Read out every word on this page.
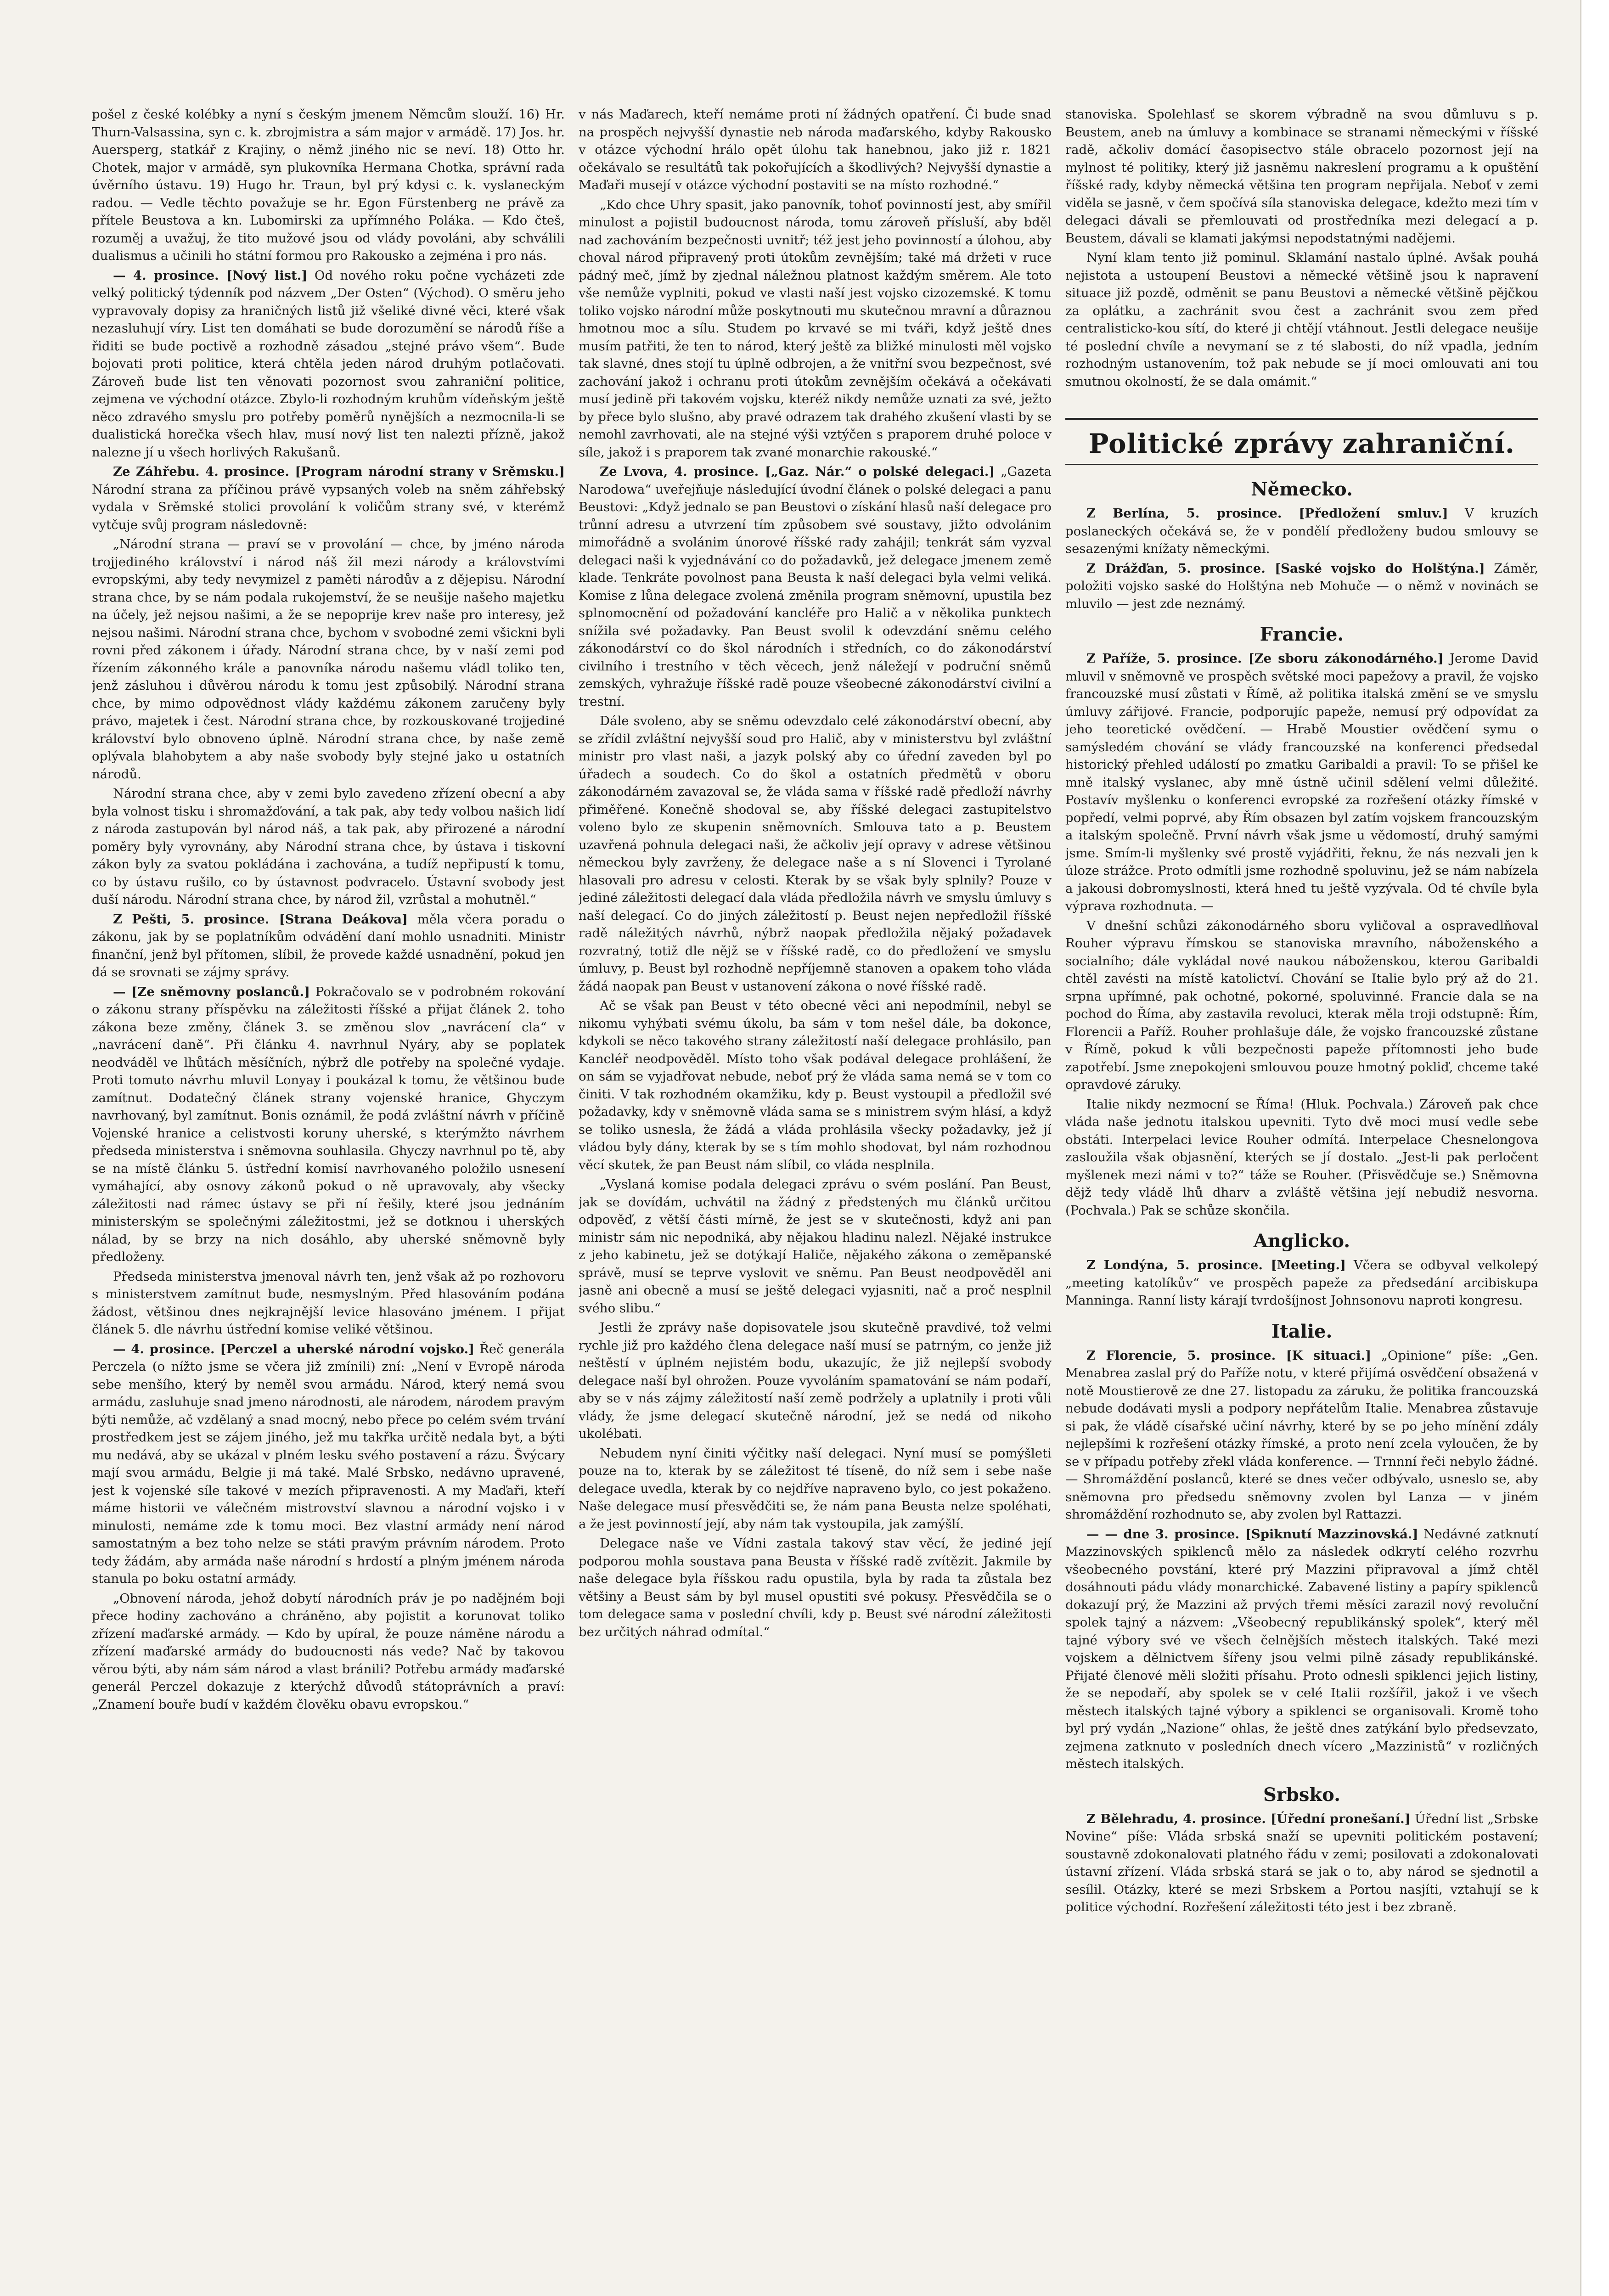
pošel z české kolébky a nyní s českým jmenem Němcům slouží. 16) Hr. Thurn-Valsassina, syn c. k. zbrojmistra a sám major v armádě. 17) Jos. hr. Auersperg, statkář z Krajiny, o němž jiného nic se neví. 18) Otto hr. Chotek, major v armádě, syn plukovníka Hermana Chotka, správní rada úvěrního ústavu. 19) Hugo hr. Traun, byl prý kdysi c. k. vyslaneckým radou. — Vedle těchto považuje se hr. Egon Fürstenberg ne právě za přítele Beustova a kn. Lubomirski za upřímného Poláka. — Kdo čteš, rozuměj a uvažuj, že tito mužové jsou od vlády povoláni, aby schválili dualismus a učinili ho státní formou pro Rakousko a zejména i pro nás.

— 4. prosince. [Nový list.] Od nového roku počne vycházeti zde velký politický týdenník pod názvem „Der Osten“ (Východ). O směru jeho vypravovaly dopisy za hraničných listů již všeliké divné věci, které však nezasluhují víry. List ten domáhati se bude dorozumění se národů říše a řiditi se bude poctivě a rozhodně zásadou „stejné právo všem“. Bude bojovati proti politice, která chtěla jeden národ druhým potlačovati. Zároveň bude list ten věnovati pozornost svou zahraniční politice, zejmena ve východní otázce. Zbylo-li rozhodným kruhům vídeňským ještě něco zdravého smyslu pro potřeby poměrů nynějších a nezmocnila-li se dualistická horečka všech hlav, musí nový list ten nalezti přízně, jakož nalezne jí u všech horlivých Rakušanů.

Ze Záhřebu. 4. prosince. [Program národní strany v Srěmsku.] Národní strana za příčinou právě vypsaných voleb na sněm záhřebský vydala v Srěmské stolici provolání k voličům strany své, v kterémž vytčuje svůj program následovně:

„Národní strana — praví se v provolání — chce, by jméno národa trojjediného království i národ náš žil mezi národy a královstvími evropskými, aby tedy nevymizel z paměti národův a z dějepisu. Národní strana chce, by se nám podala rukojemství, že se neušije našeho majetku na účely, jež nejsou našimi, a že se nepoprije krev naše pro interesy, jež nejsou našimi. Národní strana chce, bychom v svobodné zemi všickni byli rovni před zákonem i úřady. Národní strana chce, by v naší zemi pod řízením zákonného krále a panovníka národu našemu vládl toliko ten, jenž zásluhou i důvěrou národu k tomu jest způsobilý. Národní strana chce, by mimo odpovědnost vlády každému zákonem zaručeny byly právo, majetek i čest. Národní strana chce, by rozkouskované trojjediné království bylo obnoveno úplně. Národní strana chce, by naše země oplývala blahobytem a aby naše svobody byly stejné jako u ostatních národů.

Národní strana chce, aby v zemi bylo zavedeno zřízení obecní a aby byla volnost tisku i shromažďování, a tak pak, aby tedy volbou našich lidí z národa zastupován byl národ náš, a tak pak, aby přirozené a národní poměry byly vyrovnány, aby Národní strana chce, by ústava i tiskovní zákon byly za svatou pokládána i zachována, a tudíž nepřipustí k tomu, co by ústavu rušilo, co by ústavnost podvracelo. Ústavní svobody jest duší národu. Národní strana chce, by národ žil, vzrůstal a mohutněl.“

Z Pešti, 5. prosince. [Strana Deákova] měla včera poradu o zákonu, jak by se poplatníkům odvádění daní mohlo usnadniti. Ministr finanční, jenž byl přítomen, slíbil, že provede každé usnadnění, pokud jen dá se srovnati se zájmy správy.

— [Ze sněmovny poslanců.] Pokračovalo se v podrobném rokování o zákonu strany příspěvku na záležitosti říšské a přijat článek 2. toho zákona beze změny, článek 3. se změnou slov „navrácení cla“ v „navrácení daně“. Při článku 4. navrhnul Nyáry, aby se poplatek neodváděl ve lhůtách měsíčních, nýbrž dle potřeby na společné vydaje. Proti tomuto návrhu mluvil Lonyay i poukázal k tomu, že většinou bude zamítnut. Dodatečný článek strany vojenské hranice, Ghyczym navrhovaný, byl zamítnut. Bonis oznámil, že podá zvláštní návrh v příčině Vojenské hranice a celistvosti koruny uherské, s kterýmžto návrhem předseda ministerstva i sněmovna souhlasila. Ghyczy navrhnul po tě, aby se na místě článku 5. ústřední komisí navrhovaného položilo usnesení vymáhající, aby osnovy zákonů pokud o ně upravovaly, aby všecky záležitosti nad rámec ústavy se při ní řešily, které jsou jednáním ministerským se společnými záležitostmi, jež se dotknou i uherských nálad, by se brzy na nich dosáhlo, aby uherské sněmovně byly předloženy.

Předseda ministerstva jmenoval návrh ten, jenž však až po rozhovoru s ministerstvem zamítnut bude, nesmyslným. Před hlasováním podána žádost, většinou dnes nejkrajnější levice hlasováno jménem. I přijat článek 5. dle návrhu ústřední komise veliké většinou.

— 4. prosince. [Perczel a uherské národní vojsko.] Řeč generála Perczela (o nížto jsme se včera již zmínili) zní: „Není v Evropě národa sebe menšího, který by neměl svou armádu. Národ, který nemá svou armádu, zasluhuje snad jmeno národnosti, ale národem, národem pravým býti nemůže, ač vzdělaný a snad mocný, nebo přece po celém svém trvání prostředkem jest se zájem jiného, jež mu takřka určitě nedala byt, a býti mu nedává, aby se ukázal v plném lesku svého postavení a rázu. Švýcary mají svou armádu, Belgie ji má také. Malé Srbsko, nedávno upravené, jest k vojenské síle takové v mezích připravenosti. A my Maďaři, kteří máme historii ve válečném mistrovství slavnou a národní vojsko i v minulosti, nemáme zde k tomu moci. Bez vlastní armády není národ samostatným a bez toho nelze se státi pravým právním národem. Proto tedy žádám, aby armáda naše národní s hrdostí a plným jménem národa stanula po boku ostatní armády.

„Obnovení národa, jehož dobytí národních práv je po nadějném boji přece hodiny zachováno a chráněno, aby pojistit a korunovat toliko zřízení maďarské armády. — Kdo by upíral, že pouze náměne národu a zřízení maďarské armády do budoucnosti nás vede? Nač by takovou věrou býti, aby nám sám národ a vlast bránili? Potřebu armády maďarské generál Perczel dokazuje z kterýchž důvodů státoprávních a praví: „Znamení bouře budí v každém člověku obavu evropskou.“

v nás Maďarech, kteří nemáme proti ní žádných opatření. Či bude snad na prospěch nejvyšší dynastie neb národa maďarského, kdyby Rakousko v otázce východní hrálo opět úlohu tak hanebnou, jako již r. 1821 očekávalo se resultátů tak pokořujících a škodlivých? Nejvyšší dynastie a Maďaři musejí v otázce východní postaviti se na místo rozhodné.“

„Kdo chce Uhry spasit, jako panovník, tohoť povinností jest, aby smířil minulost a pojistil budoucnost národa, tomu zároveň přísluší, aby bděl nad zachováním bezpečnosti uvnitř; též jest jeho povinností a úlohou, aby choval národ připravený proti útokům zevnějším; také má držeti v ruce pádný meč, jímž by zjednal náležnou platnost každým směrem. Ale toto vše nemůže vyplniti, pokud ve vlasti naší jest vojsko cizozemské. K tomu toliko vojsko národní může poskytnouti mu skutečnou mravní a důraznou hmotnou moc a sílu. Studem po krvavé se mi tváři, když ještě dnes musím patřiti, že ten to národ, který ještě za bližké minulosti měl vojsko tak slavné, dnes stojí tu úplně odbrojen, a že vnitřní svou bezpečnost, své zachování jakož i ochranu proti útokům zevnějším očekává a očekávati musí jedině při takovém vojsku, kteréž nikdy nemůže uznati za své, ježto by přece bylo slušno, aby pravé odrazem tak drahého zkušení vlasti by se nemohl zavrhovati, ale na stejné výši vztýčen s praporem druhé poloce v síle, jakož i s praporem tak zvané monarchie rakouské.“

Ze Lvova, 4. prosince. [„Gaz. Nár.“ o polské delegaci.] „Gazeta Narodowa“ uveřejňuje následující úvodní článek o polské delegaci a panu Beustovi: „Když jednalo se pan Beustovi o získání hlasů naší delegace pro trůnní adresu a utvrzení tím způsobem své soustavy, jižto odvolánim mimořádně a svolánim únorové říšské rady zahájil; tenkrát sám vyzval delegaci naši k vyjednávání co do požadavků, jež delegace jmenem země klade. Tenkráte povolnost pana Beusta k naší delegaci byla velmi veliká. Komise z lůna delegace zvolená změnila program sněmovní, upustila bez splnomocnění od požadování kancléře pro Halič a v několika punktech snížila své požadavky. Pan Beust svolil k odevzdání sněmu celého zákonodárství co do škol národních i středních, co do zákonodárství civilního i trestního v těch věcech, jenž náležejí v područní sněmů zemských, vyhražuje říšské radě pouze všeobecné zákonodárství civilní a trestní.

Dále svoleno, aby se sněmu odevzdalo celé zákonodárství obecní, aby se zřídil zvláštní nejvyšší soud pro Halič, aby v ministerstvu byl zvláštní ministr pro vlast naši, a jazyk polský aby co úřední zaveden byl po úřadech a soudech. Co do škol a ostatních předmětů v oboru zákonodárném zavazoval se, že vláda sama v říšské radě předloží návrhy přiměřené. Konečně shodoval se, aby říšské delegaci zastupitelstvo voleno bylo ze skupenin sněmovních. Smlouva tato a p. Beustem uzavřená pohnula delegaci naši, že ačkoliv její opravy v adrese většinou německou byly zavrženy, že delegace naše a s ní Slovenci i Tyrolané hlasovali pro adresu v celosti. Kterak by se však byly splnily? Pouze v jediné záležitosti delegací dala vláda předložila návrh ve smyslu úmluvy s naší delegací. Co do jiných záležitostí p. Beust nejen nepředložil říšské radě náležitých návrhů, nýbrž naopak předložila nějaký požadavek rozvratný, totiž dle nějž se v říšské radě, co do předložení ve smyslu úmluvy, p. Beust byl rozhodně nepříjemně stanoven a opakem toho vláda žádá naopak pan Beust v ustanovení zákona o nové říšské radě.

Ač se však pan Beust v této obecné věci ani nepodmínil, nebyl se nikomu vyhýbati svému úkolu, ba sám v tom nešel dále, ba dokonce, kdykoli se něco takového strany záležitostí naší delegace prohlásilo, pan Kancléř neodpověděl. Místo toho však podával delegace prohlášení, že on sám se vyjadřovat nebude, neboť prý že vláda sama nemá se v tom co činiti. V tak rozhodném okamžiku, kdy p. Beust vystoupil a předložil své požadavky, kdy v sněmovně vláda sama se s ministrem svým hlásí, a když se toliko usnesla, že žádá a vláda prohlásila všecky požadavky, jež jí vládou byly dány, kterak by se s tím mohlo shodovat, byl nám rozhodnou věcí skutek, že pan Beust nám slíbil, co vláda nesplnila.

„Vyslaná komise podala delegaci zprávu o svém poslání. Pan Beust, jak se dovídám, uchvátil na žádný z předstených mu článků určitou odpověď, z větší části mírně, že jest se v skutečnosti, když ani pan ministr sám nic nepodniká, aby nějakou hladinu nalezl. Nějaké instrukce z jeho kabinetu, jež se dotýkají Haliče, nějakého zákona o zeměpanské správě, musí se teprve vyslovit ve sněmu. Pan Beust neodpověděl ani jasně ani obecně a musí se ještě delegaci vyjasniti, nač a proč nesplnil svého slibu.“

Jestli že zprávy naše dopisovatele jsou skutečně pravdivé, tož velmi rychle již pro každého člena delegace naší musí se patrným, co jenže již neštěstí v úplném nejistém bodu, ukazujíc, že již nejlepší svobody delegace naší byl ohrožen. Pouze vyvoláním spamatování se nám podaří, aby se v nás zájmy záležitostí naší země podržely a uplatnily i proti vůli vlády, že jsme delegací skutečně národní, jež se nedá od nikoho ukolébati.

Nebudem nyní činiti výčitky naší delegaci. Nyní musí se pomýšleti pouze na to, kterak by se záležitost té tíseně, do níž sem i sebe naše delegace uvedla, kterak by co nejdříve napraveno bylo, co jest pokaženo. Naše delegace musí přesvědčiti se, že nám pana Beusta nelze spoléhati, a že jest povinností její, aby nám tak vystoupila, jak zamýšlí.

Delegace naše ve Vídni zastala takový stav věcí, že jediné její podporou mohla soustava pana Beusta v říšské radě zvítězit. Jakmile by naše delegace byla říšskou radu opustila, byla by rada ta zůstala bez většiny a Beust sám by byl musel opustiti své pokusy. Přesvědčila se o tom delegace sama v poslední chvíli, kdy p. Beust své národní záležitosti bez určitých náhrad odmítal.“

stanoviska. Spolehlasť se skorem výbradně na svou důmluvu s p. Beustem, aneb na úmluvy a kombinace se stranami německými v říšské radě, ačkoliv domácí časopisectvo stále obracelo pozornost její na mylnost té politiky, který již jasněmu nakreslení programu a k opuštění říšské rady, kdyby německá většina ten program nepřijala. Neboť v zemi viděla se jasně, v čem spočívá síla stanoviska delegace, kdežto mezi tím v delegaci dávali se přemlouvati od prostředníka mezi delegací a p. Beustem, dávali se klamati jakýmsi nepodstatnými nadějemi.

Nyní klam tento již pominul. Sklamání nastalo úplné. Avšak pouhá nejistota a ustoupení Beustovi a německé většině jsou k napravení situace již pozdě, odměnit se panu Beustovi a německé většině pějčkou za oplátku, a zachránit svou čest a zachránit svou zem před centralisticko-kou sítí, do které ji chtějí vtáhnout. Jestli delegace neušije té poslední chvíle a nevymaní se z té slabosti, do níž vpadla, jedním rozhodným ustanovením, tož pak nebude se jí moci omlouvati ani tou smutnou okolností, že se dala omámit.“

Politické zprávy zahraniční.
Německo.

Z Berlína, 5. prosince. [Předložení smluv.] V kruzích poslaneckých očekává se, že v pondělí předloženy budou smlouvy se sesazenými knížaty německými.

Z Drážďan, 5. prosince. [Saské vojsko do Holštýna.] Záměr, položiti vojsko saské do Holštýna neb Mohuče — o němž v novinách se mluvilo — jest zde neznámý.

Francie.

Z Paříže, 5. prosince. [Ze sboru zákonodárného.] Jerome David mluvil v sněmovně ve prospěch světské moci papežovy a pravil, že vojsko francouzské musí zůstati v Římě, až politika italská změní se ve smyslu úmluvy zářijové. Francie, podporujíc papeže, nemusí prý odpovídat za jeho teoretické ovědčení. — Hrabě Moustier ovědčení symu o samýsledém chování se vlády francouzské na konferenci předsedal historický přehled událostí po zmatku Garibaldi a pravil: To se přišel ke mně italský vyslanec, aby mně ústně učinil sdělení velmi důležité. Postavív myšlenku o konferenci evropské za rozřešení otázky římské v popředí, velmi poprvé, aby Řím obsazen byl zatím vojskem francouzským a italským společně. První návrh však jsme u vědomostí, druhý samými jsme. Smím-li myšlenky své prostě vyjádřiti, řeknu, že nás nezvali jen k úloze strážce. Proto odmítli jsme rozhodně spoluvinu, jež se nám nabízela a jakousi dobromyslnosti, která hned tu ještě vyzývala. Od té chvíle byla výprava rozhodnuta. —

V dnešní schůzi zákonodárného sboru vyličoval a ospravedlňoval Rouher výpravu římskou se stanoviska mravního, náboženského a socialního; dále vykládal nové naukou náboženskou, kterou Garibaldi chtěl zavésti na místě katolictví. Chování se Italie bylo prý až do 21. srpna upřímné, pak ochotné, pokorné, spoluvinné. Francie dala se na pochod do Říma, aby zastavila revoluci, kterak měla troji odstupně: Řím, Florencii a Paříž. Rouher prohlašuje dále, že vojsko francouzské zůstane v Římě, pokud k vůli bezpečnosti papeže přítomnosti jeho bude zapotřebí. Jsme znepokojeni smlouvou pouze hmotný pokliď, chceme také opravdové záruky.

Italie nikdy nezmocní se Říma! (Hluk. Pochvala.) Zároveň pak chce vláda naše jednotu italskou upevniti. Tyto dvě moci musí vedle sebe obstáti. Interpelaci levice Rouher odmítá. Interpelace Chesnelongova zasloužila však objasnění, kterých se jí dostalo. „Jest-li pak perločent myšlenek mezi námi v to?“ táže se Rouher. (Přisvědčuje se.) Sněmovna dějž tedy vládě lhů dharv a zvláště většina její nebudiž nesvorna. (Pochvala.) Pak se schůze skončila.

Anglicko.

Z Londýna, 5. prosince. [Meeting.] Včera se odbyval velkolepý „meeting katolíkův“ ve prospěch papeže za předsedání arcibiskupa Manninga. Ranní listy kárají tvrdošíjnost Johnsonovu naproti kongresu.

Italie.

Z Florencie, 5. prosince. [K situaci.] „Opinione“ píše: „Gen. Menabrea zaslal prý do Paříže notu, v které přijímá osvědčení obsažená v notě Moustierově ze dne 27. listopadu za záruku, že politika francouzská nebude dodávati mysli a podpory nepřátelům Italie. Menabrea zůstavuje si pak, že vládě císařské učiní návrhy, které by se po jeho mínění zdály nejlepšími k rozřešení otázky římské, a proto není zcela vyloučen, že by se v případu potřeby zřekl vláda konference. — Trnnní řeči nebylo žádné. — Shromáždění poslanců, které se dnes večer odbývalo, usneslo se, aby sněmovna pro předsedu sněmovny zvolen byl Lanza — v jiném shromáždění rozhodnuto se, aby zvolen byl Rattazzi.

— — dne 3. prosince. [Spiknutí Mazzinovská.] Nedávné zatknutí Mazzinovských spiklenců mělo za následek odkrytí celého rozvrhu všeobecného povstání, které prý Mazzini připravoval a jímž chtěl dosáhnouti pádu vlády monarchické. Zabavené listiny a papíry spiklenců dokazují prý, že Mazzini až prvých třemi měsíci zarazil nový revoluční spolek tajný a názvem: „Všeobecný republikánský spolek“, který měl tajné výbory své ve všech čelnějších městech italských. Také mezi vojskem a dělnictvem šířeny jsou velmi pilně zásady republikánské. Přijaté členové měli složiti přísahu. Proto odnesli spiklenci jejich listiny, že se nepodaří, aby spolek se v celé Italii rozšířil, jakož i ve všech městech italských tajné výbory a spiklenci se organisovali. Kromě toho byl prý vydán „Nazione“ ohlas, že ještě dnes zatýkání bylo předsevzato, zejmena zatknuto v posledních dnech vícero „Mazzinistů“ v rozličných městech italských.

Srbsko.

Z Bělehradu, 4. prosince. [Úřední pronešaní.] Úřední list „Srbske Novine“ píše: Vláda srbská snaží se upevniti politickém postavení; soustavně zdokonalovati platného řádu v zemi; posilovati a zdokonalovati ústavní zřízení. Vláda srbská stará se jak o to, aby národ se sjednotil a sesílil. Otázky, které se mezi Srbskem a Portou nasjíti, vztahují se k politice východní. Rozřešení záležitosti této jest i bez zbraně.
